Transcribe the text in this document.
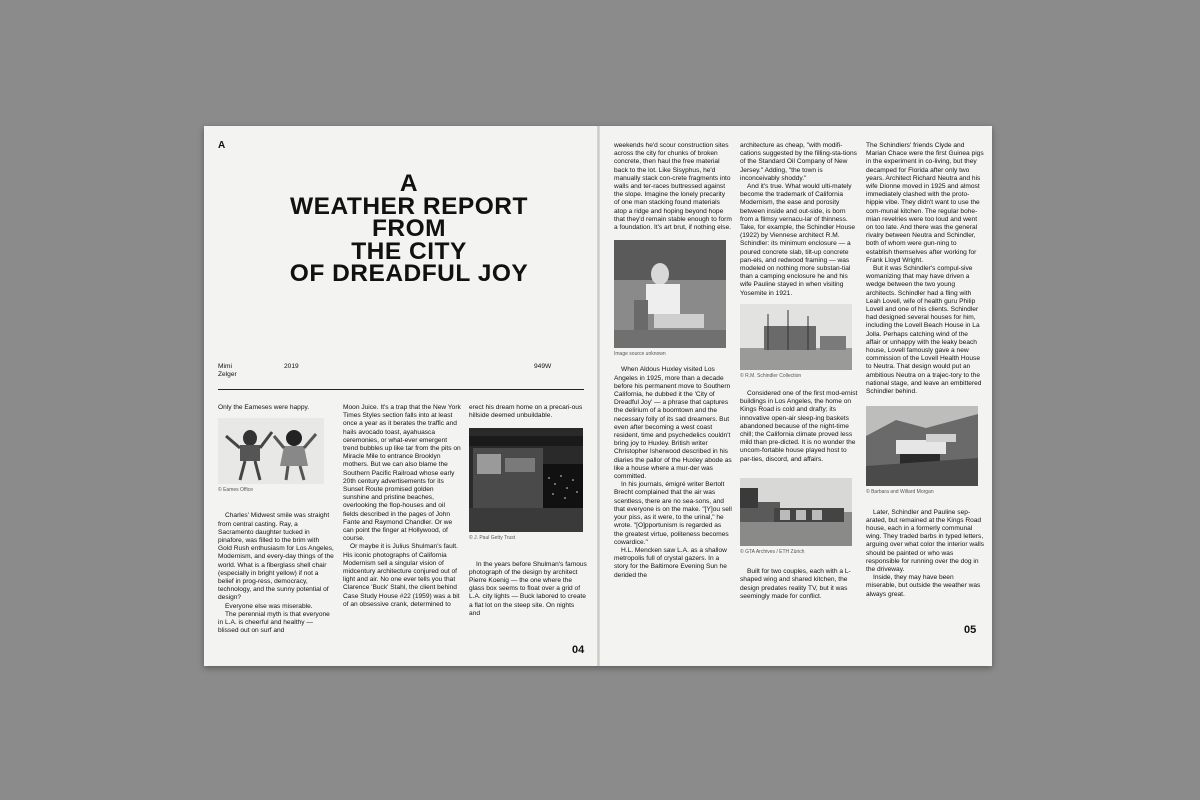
A
A
WEATHER REPORT
FROM
THE CITY
OF DREADFUL JOY
Mimi
Zelger
2019	949W

Only the Eameses were happy.

© Eames Office

Charles' Midwest smile was straight from central casting. Ray, a Sacramento daughter tucked in pinafore, was filled to the brim with Gold Rush enthusiasm for Los Angeles, Modernism, and every-day things of the world. What is a fiberglass shell chair (especially in bright yellow) if not a belief in prog-ress, democracy, technology, and the sunny potential of design?

Everyone else was miserable.

The perennial myth is that everyone in L.A. is cheerful and healthy — blissed out on surf and

Moon Juice. It's a trap that the New York Times Styles section falls into at least once a year as it berates the traffic and hails avocado toast, ayahuasca ceremonies, or what-ever emergent trend bubbles up like tar from the pits on Miracle Mile to entrance Brooklyn mothers. But we can also blame the Southern Pacific Railroad whose early 20th century advertisements for its Sunset Route promised golden sunshine and pristine beaches, overlooking the flop-houses and oil fields described in the pages of John Fante and Raymond Chandler. Or we can point the finger at Hollywood, of course.

Or maybe it is Julius Shulman's fault. His iconic photographs of California Modernism sell a singular vision of midcentury architecture conjured out of light and air. No one ever tells you that Clarence 'Buck' Stahl, the client behind Case Study House #22 (1959) was a bit of an obsessive crank, determined to

erect his dream home on a precari-ous hillside deemed unbuildable.

© J. Paul Getty Trust

In the years before Shulman's famous photograph of the design by architect Pierre Koenig — the one where the glass box seems to float over a grid of L.A. city lights — Buck labored to create a flat lot on the steep site. On nights and

04

weekends he'd scour construction sites across the city for chunks of broken concrete, then haul the free material back to the lot. Like Sisyphus, he'd manually stack con-crete fragments into walls and ter-races buttressed against the slope. Imagine the lonely precarity of one man stacking found materials atop a ridge and hoping beyond hope that they'd remain stable enough to form a foundation. It's art brut, if nothing else.

Image source unknown

When Aldous Huxley visited Los Angeles in 1925, more than a decade before his permanent move to Southern California, he dubbed it the 'City of Dreadful Joy' — a phrase that captures the delirium of a boomtown and the necessary folly of its sad dreamers. But even after becoming a west coast resident, time and psychedelics couldn't bring joy to Huxley. British writer Christopher Isherwood described in his diaries the pallor of the Huxley abode as like a house where a mur-der was committed.

In his journals, émigré writer Bertolt Brecht complained that the air was scentless, there are no sea-sons, and that everyone is on the make. "[Y]ou sell your piss, as it were, to the urinal," he wrote. "[O]pportunism is regarded as the greatest virtue, politeness becomes cowardice."

H.L. Mencken saw L.A. as a shallow metropolis full of crystal gazers. In a story for the Baltimore Evening Sun he derided the

architecture as cheap, "with modifi-cations suggested by the filling-sta-tions of the Standard Oil Company of New Jersey." Adding, "the town is inconceivably shoddy."

And it's true. What would ulti-mately become the trademark of California Modernism, the ease and porosity between inside and out-side, is born from a flimsy vernacu-lar of thinness. Take, for example, the Schindler House (1922) by Viennese architect R.M. Schindler: its minimum enclosure — a poured concrete slab, tilt-up concrete pan-els, and redwood framing — was modeled on nothing more substan-tial than a camping enclosure he and his wife Pauline stayed in when visiting Yosemite in 1921.

© R.M. Schindler Collection

Considered one of the first mod-ernist buildings in Los Angeles, the home on Kings Road is cold and drafty; its innovative open-air sleep-ing baskets abandoned because of the night-time chill; the California climate proved less mild than pre-dicted. It is no wonder the uncom-fortable house played host to par-ties, discord, and affairs.

© GTA Archives / ETH Zürich

Built for two couples, each with a L-shaped wing and shared kitchen, the design predates reality TV, but it was seemingly made for conflict.

The Schindlers' friends Clyde and Marian Chace were the first Guinea pigs in the experiment in co-living, but they decamped for Florida after only two years. Architect Richard Neutra and his wife Dionne moved in 1925 and almost immediately clashed with the proto-hippie vibe. They didn't want to use the com-munal kitchen. The regular bohe-mian revelries were too loud and went on too late. And there was the general rivalry between Neutra and Schindler, both of whom were gun-ning to establish themselves after working for Frank Lloyd Wright.

But it was Schindler's compul-sive womanizing that may have driven a wedge between the two young architects. Schindler had a fling with Leah Lovell, wife of health guru Philip Lovell and one of his clients. Schindler had designed several houses for him, including the Lovell Beach House in La Jolla. Perhaps catching wind of the affair or unhappy with the leaky beach house, Lovell famously gave a new commission of the Lovell Health House to Neutra. That design would put an ambitious Neutra on a trajec-tory to the national stage, and leave an embittered Schindler behind.

© Barbara and Willard Morgan

Later, Schindler and Pauline sep-arated, but remained at the Kings Road house, each in a formerly communal wing. They traded barbs in typed letters, arguing over what color the interior walls should be painted or who was responsible for running over the dog in the driveway.

Inside, they may have been miserable, but outside the weather was always great.

05
